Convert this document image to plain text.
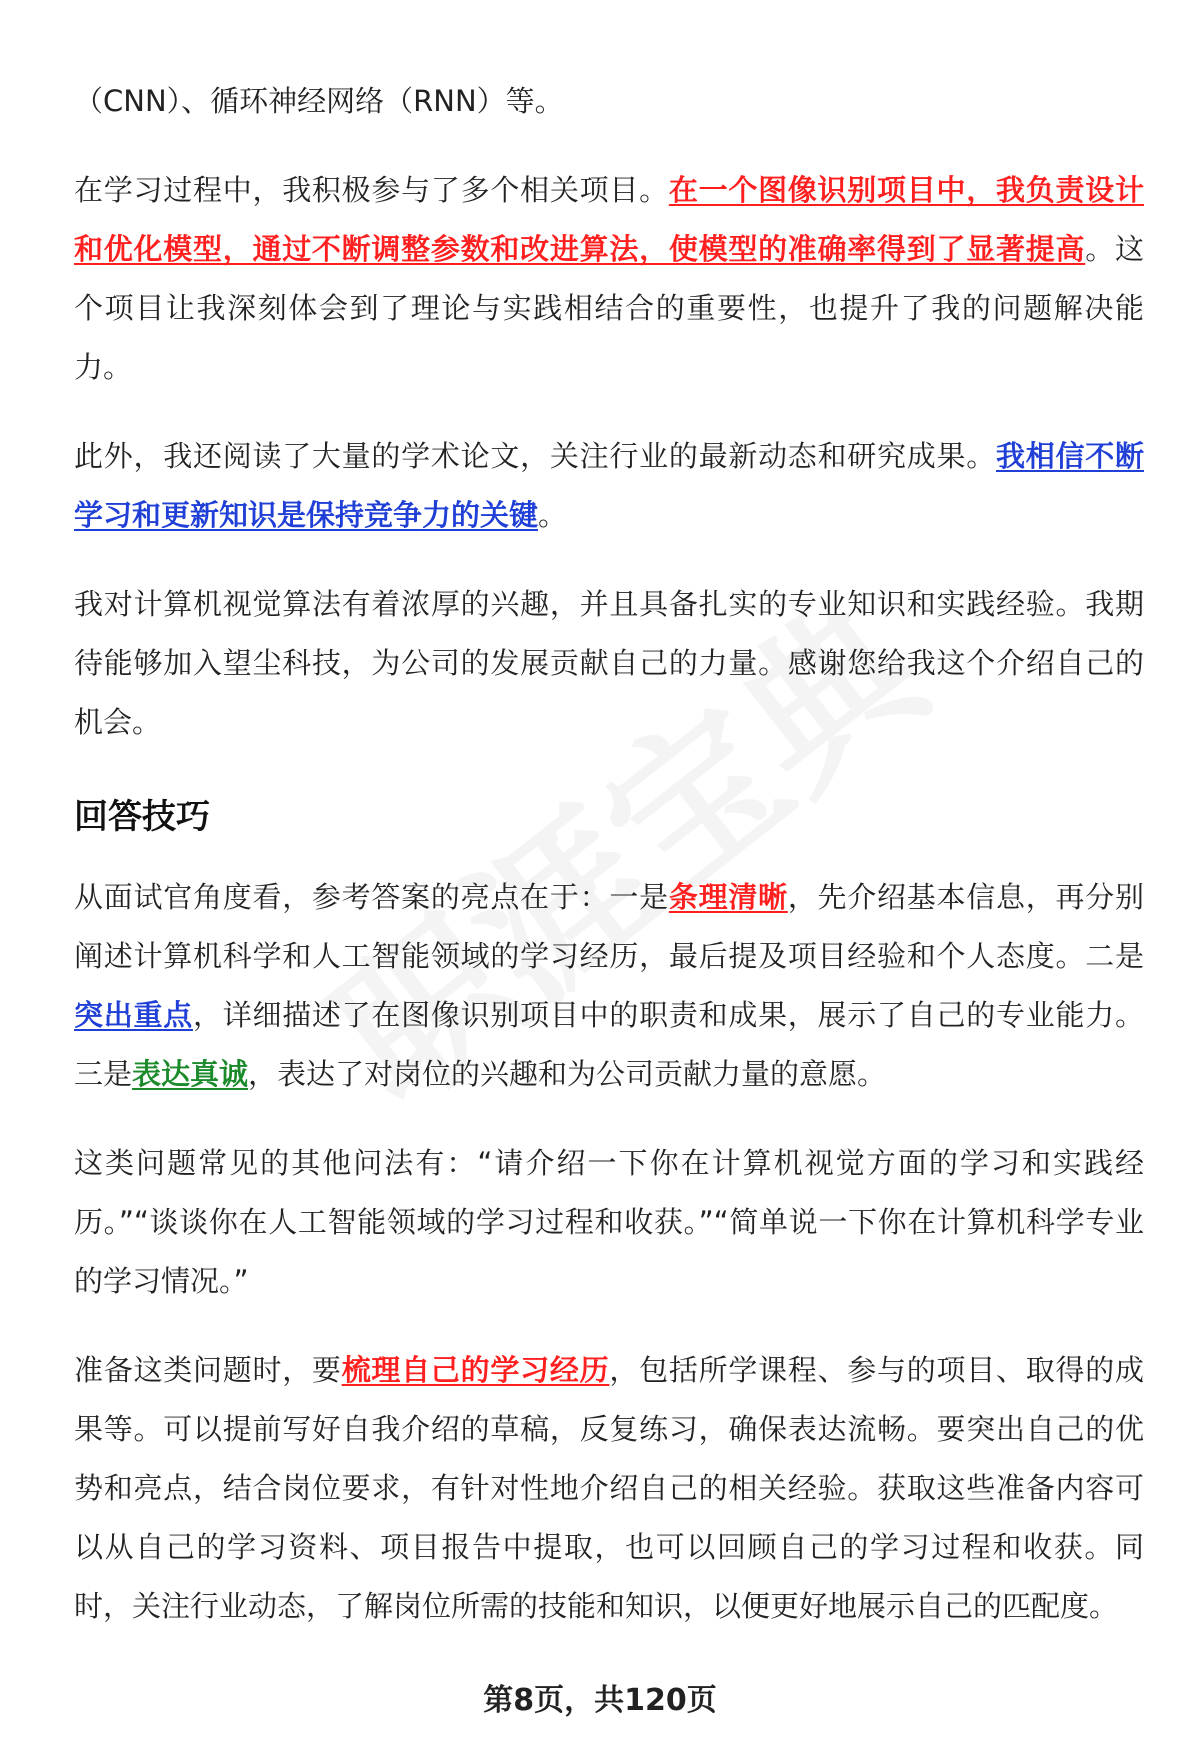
（CNN）、循环神经网络（RNN）等。

在学习过程中，我积极参与了多个相关项目。在一个图像识别项目中，我负责设计和优化模型，通过不断调整参数和改进算法，使模型的准确率得到了显著提高。这个项目让我深刻体会到了理论与实践相结合的重要性，也提升了我的问题解决能力。

此外，我还阅读了大量的学术论文，关注行业的最新动态和研究成果。我相信不断学习和更新知识是保持竞争力的关键。

我对计算机视觉算法有着浓厚的兴趣，并且具备扎实的专业知识和实践经验。我期待能够加入望尘科技，为公司的发展贡献自己的力量。感谢您给我这个介绍自己的机会。

回答技巧

从面试官角度看，参考答案的亮点在于：一是条理清晰，先介绍基本信息，再分别阐述计算机科学和人工智能领域的学习经历，最后提及项目经验和个人态度。二是突出重点，详细描述了在图像识别项目中的职责和成果，展示了自己的专业能力。三是表达真诚，表达了对岗位的兴趣和为公司贡献力量的意愿。

这类问题常见的其他问法有：“请介绍一下你在计算机视觉方面的学习和实践经历。”“谈谈你在人工智能领域的学习过程和收获。”“简单说一下你在计算机科学专业的学习情况。”

准备这类问题时，要梳理自己的学习经历，包括所学课程、参与的项目、取得的成果等。可以提前写好自我介绍的草稿，反复练习，确保表达流畅。要突出自己的优势和亮点，结合岗位要求，有针对性地介绍自己的相关经验。获取这些准备内容可以从自己的学习资料、项目报告中提取，也可以回顾自己的学习过程和收获。同时，关注行业动态，了解岗位所需的技能和知识，以便更好地展示自己的匹配度。

第8页，共120页
